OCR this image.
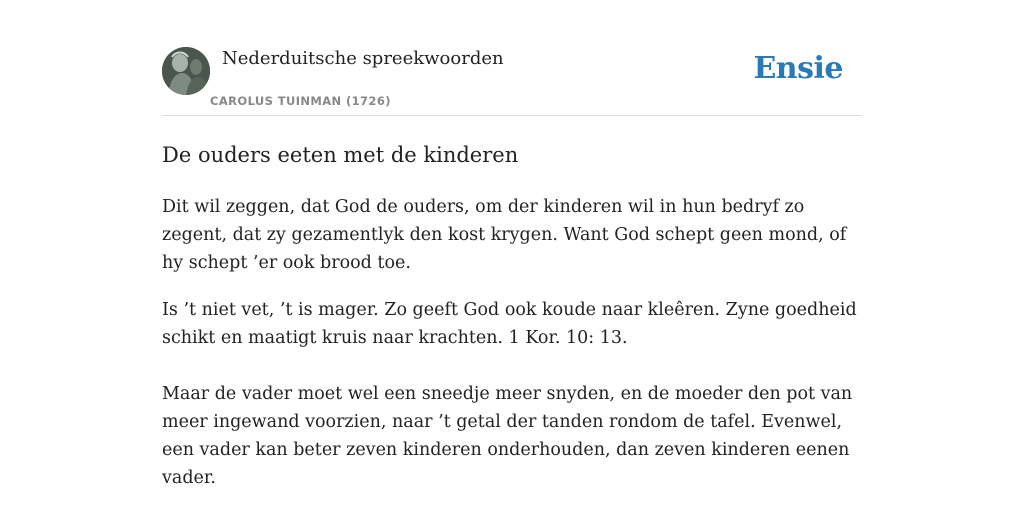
Nederduitsche spreekwoorden
CAROLUS TUINMAN (1726)
Ensie
De ouders eeten met de kinderen

Dit wil zeggen, dat God de ouders, om der kinderen wil in hun bedryf zo zegent, dat zy gezamentlyk den kost krygen. Want God schept geen mond, of hy schept ’er ook brood toe.

Is ’t niet vet, ’t is mager. Zo geeft God ook koude naar kleêren. Zyne goedheid schikt en maatigt kruis naar krachten. 1 Kor. 10: 13.

Maar de vader moet wel een sneedje meer snyden, en de moeder den pot van meer ingewand voorzien, naar ’t getal der tanden rondom de tafel. Evenwel, een vader kan beter zeven kinderen onderhouden, dan zeven kinderen eenen vader.
